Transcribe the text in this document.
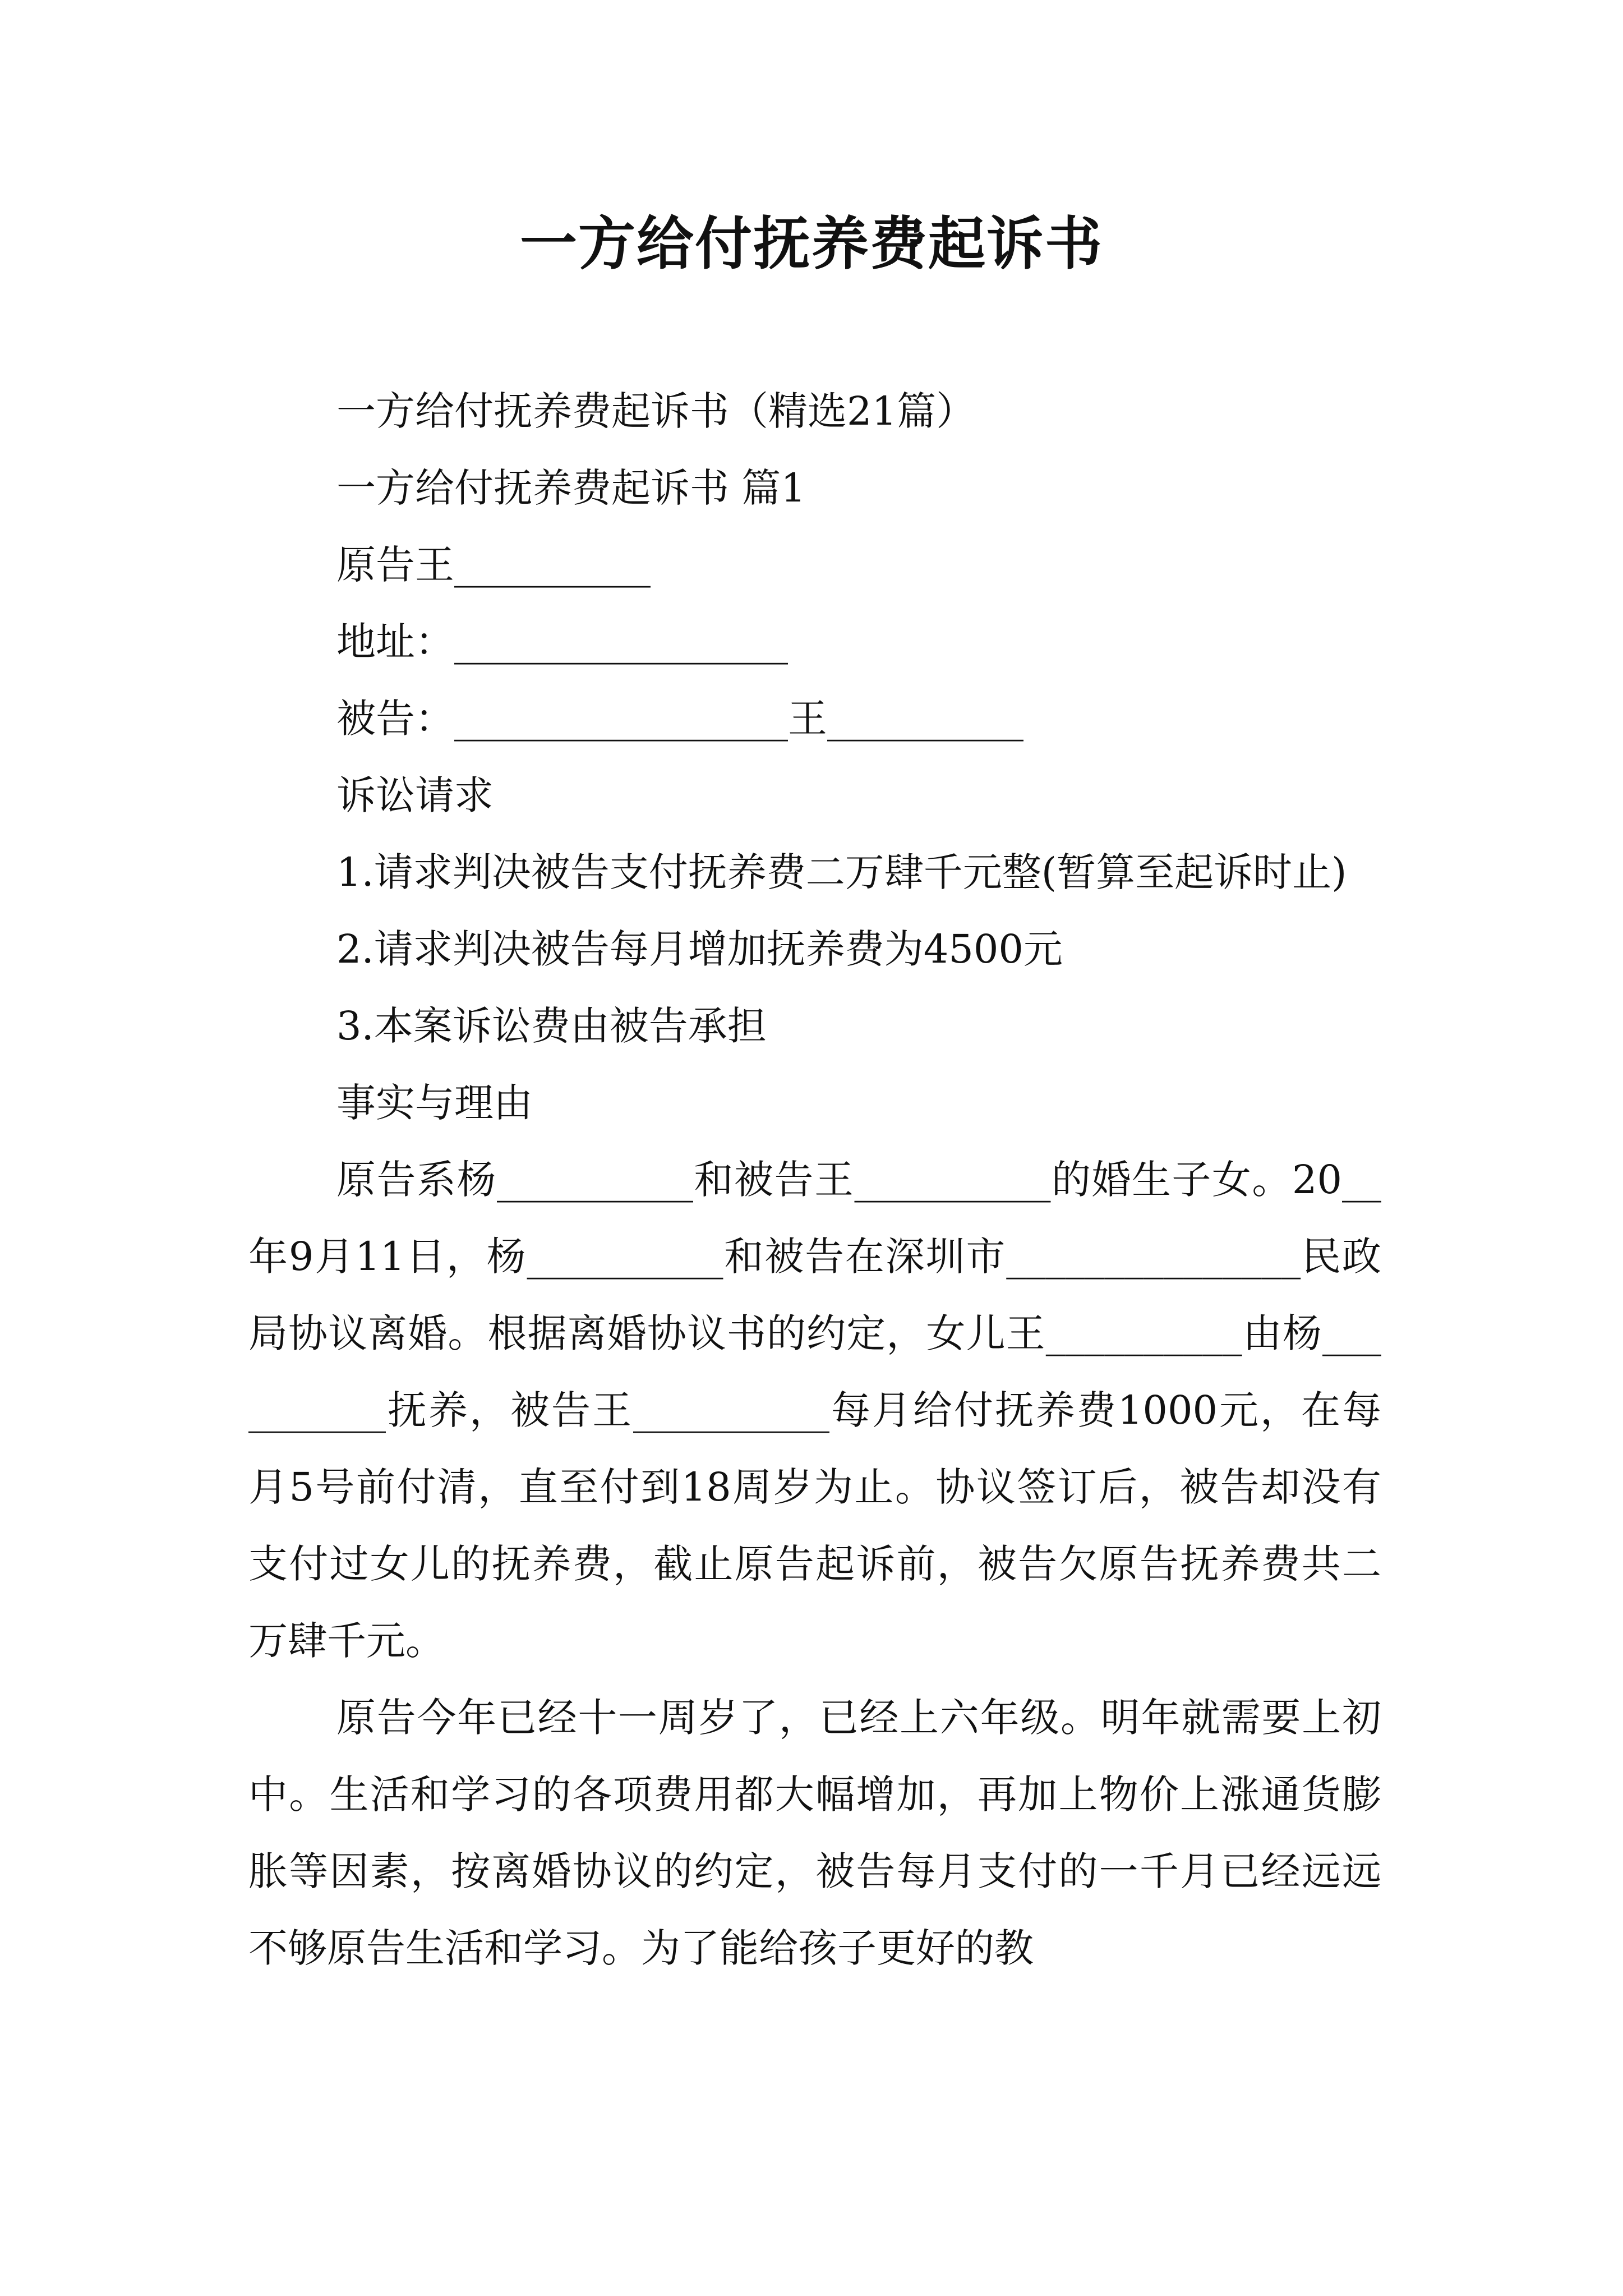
一方给付抚养费起诉书

一方给付抚养费起诉书（精选21篇）

一方给付抚养费起诉书 篇1

原告王__________

地址：_________________

被告：_________________王__________

诉讼请求

1.请求判决被告支付抚养费二万肆千元整(暂算至起诉时止)

2.请求判决被告每月增加抚养费为4500元

3.本案诉讼费由被告承担

事实与理由

原告系杨__________和被告王__________的婚生子女。20__年9月11日，杨__________和被告在深圳市_______________民政局协议离婚。根据离婚协议书的约定，女儿王__________由杨__________抚养，被告王__________每月给付抚养费1000元，在每月5号前付清，直至付到18周岁为止。协议签订后，被告却没有支付过女儿的抚养费，截止原告起诉前，被告欠原告抚养费共二万肆千元。

原告今年已经十一周岁了，已经上六年级。明年就需要上初中。生活和学习的各项费用都大幅增加，再加上物价上涨通货膨胀等因素，按离婚协议的约定，被告每月支付的一千月已经远远不够原告生活和学习。为了能给孩子更好的教
